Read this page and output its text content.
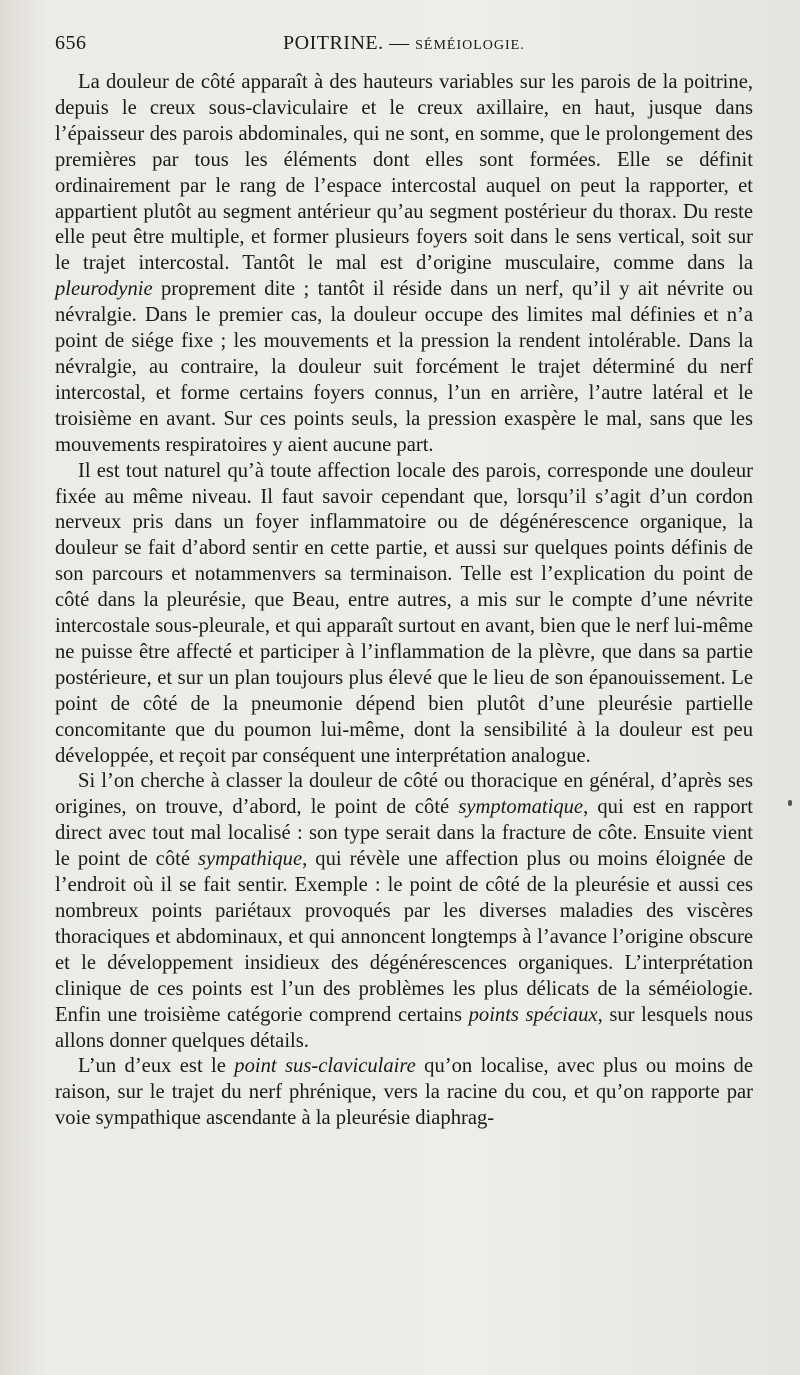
656	POITRINE. — SÉMÉIOLOGIE.

La douleur de côté apparaît à des hauteurs variables sur les parois de la poitrine, depuis le creux sous-claviculaire et le creux axillaire, en haut, jusque dans l’épaisseur des parois abdominales, qui ne sont, en somme, que le prolongement des premières par tous les éléments dont elles sont formées. Elle se définit ordinairement par le rang de l’espace intercostal auquel on peut la rapporter, et appartient plutôt au segment antérieur qu’au segment postérieur du thorax. Du reste elle peut être multiple, et former plusieurs foyers soit dans le sens vertical, soit sur le trajet intercostal. Tantôt le mal est d’origine musculaire, comme dans la pleurodynie proprement dite ; tantôt il réside dans un nerf, qu’il y ait névrite ou névralgie. Dans le premier cas, la douleur occupe des limites mal définies et n’a point de siége fixe ; les mouvements et la pression la rendent intolérable. Dans la névralgie, au contraire, la douleur suit forcément le trajet déterminé du nerf intercostal, et forme certains foyers connus, l’un en arrière, l’autre latéral et le troisième en avant. Sur ces points seuls, la pression exaspère le mal, sans que les mouvements respiratoires y aient aucune part.

Il est tout naturel qu’à toute affection locale des parois, corresponde une douleur fixée au même niveau. Il faut savoir cependant que, lorsqu’il s’agit d’un cordon nerveux pris dans un foyer inflammatoire ou de dégénérescence organique, la douleur se fait d’abord sentir en cette partie, et aussi sur quelques points définis de son parcours et notammenvers sa terminaison. Telle est l’explication du point de côté dans la pleurésie, que Beau, entre autres, a mis sur le compte d’une névrite intercostale sous-pleurale, et qui apparaît surtout en avant, bien que le nerf lui-même ne puisse être affecté et participer à l’inflammation de la plèvre, que dans sa partie postérieure, et sur un plan toujours plus élevé que le lieu de son épanouissement. Le point de côté de la pneumonie dépend bien plutôt d’une pleurésie partielle concomitante que du poumon lui-même, dont la sensibilité à la douleur est peu développée, et reçoit par conséquent une interprétation analogue.

Si l’on cherche à classer la douleur de côté ou thoracique en général, d’après ses origines, on trouve, d’abord, le point de côté symptomatique, qui est en rapport direct avec tout mal localisé : son type serait dans la fracture de côte. Ensuite vient le point de côté sympathique, qui révèle une affection plus ou moins éloignée de l’endroit où il se fait sentir. Exemple : le point de côté de la pleurésie et aussi ces nombreux points pariétaux provoqués par les diverses maladies des viscères thoraciques et abdominaux, et qui annoncent longtemps à l’avance l’origine obscure et le développement insidieux des dégénérescences organiques. L’interprétation clinique de ces points est l’un des problèmes les plus délicats de la séméiologie. Enfin une troisième catégorie comprend certains points spéciaux, sur lesquels nous allons donner quelques détails.

L’un d’eux est le point sus-claviculaire qu’on localise, avec plus ou moins de raison, sur le trajet du nerf phrénique, vers la racine du cou, et qu’on rapporte par voie sympathique ascendante à la pleurésie diaphrag-
